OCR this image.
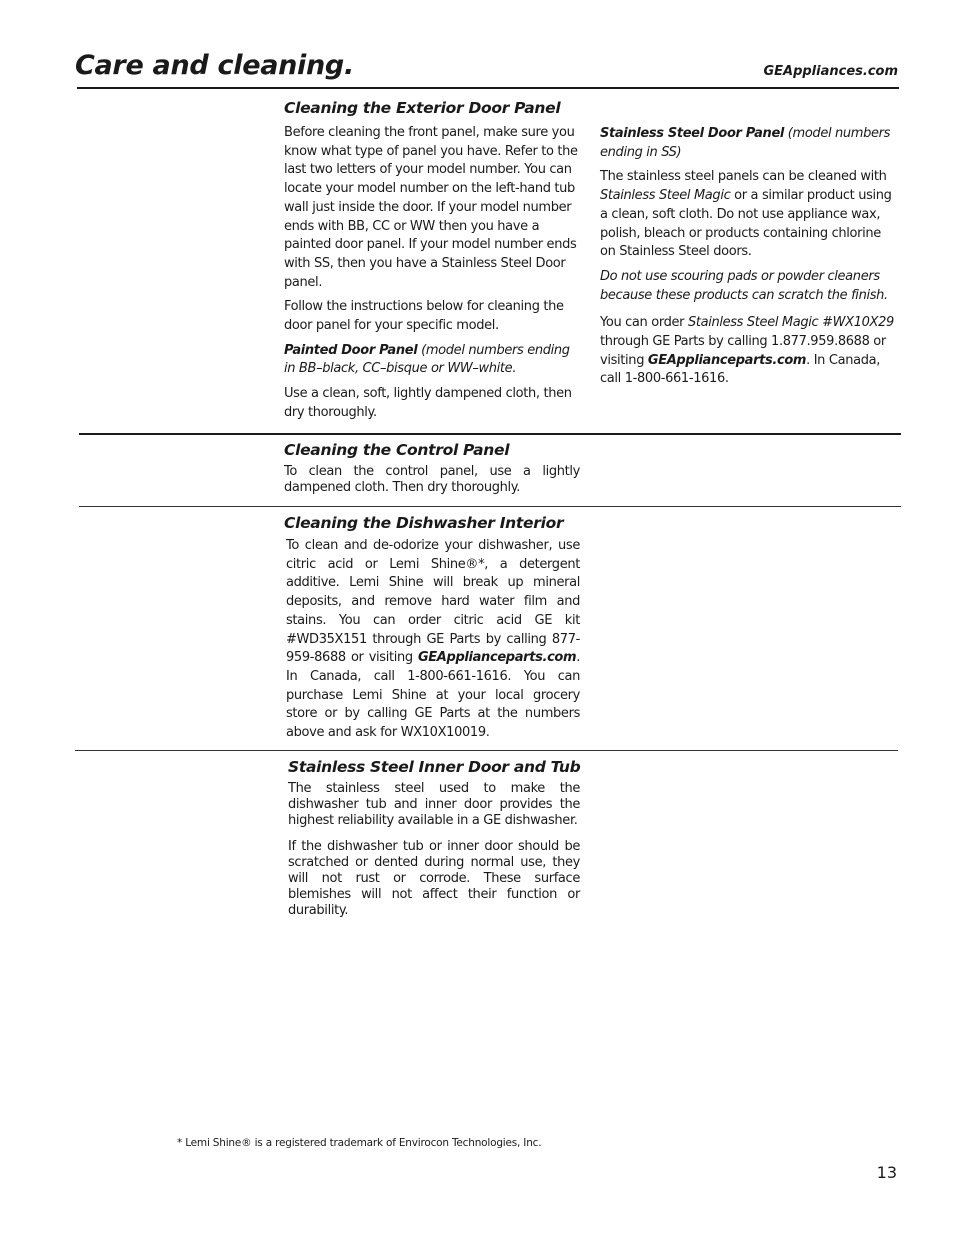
Care and cleaning.	GEAppliances.com
Cleaning the Exterior Door Panel

Before cleaning the front panel, make sure you know what type of panel you have. Refer to the last two letters of your model number. You can locate your model number on the left-hand tub wall just inside the door. If your model number ends with BB, CC or WW then you have a painted door panel. If your model number ends with SS, then you have a Stainless Steel Door panel.

Follow the instructions below for cleaning the door panel for your specific model.

Painted Door Panel (model numbers ending in BB–black, CC–bisque or WW–white.

Use a clean, soft, lightly dampened cloth, then dry thoroughly.

Stainless Steel Door Panel (model numbers ending in SS)

The stainless steel panels can be cleaned with Stainless Steel Magic or a similar product using a clean, soft cloth. Do not use appliance wax, polish, bleach or products containing chlorine on Stainless Steel doors.

Do not use scouring pads or powder cleaners because these products can scratch the finish.

You can order Stainless Steel Magic #WX10X29 through GE Parts by calling 1.877.959.8688 or visiting GEApplianceparts.com. In Canada, call 1-800-661-1616.

Cleaning the Control Panel
To clean the control panel, use a lightly dampened cloth. Then dry thoroughly.
Cleaning the Dishwasher Interior
To clean and de-odorize your dishwasher, use citric acid or Lemi Shine®*, a detergent additive. Lemi Shine will break up mineral deposits, and remove hard water film and stains. You can order citric acid GE kit #WD35X151 through GE Parts by calling 877-959-8688 or visiting GEApplianceparts.com. In Canada, call 1-800-661-1616. You can purchase Lemi Shine at your local grocery store or by calling GE Parts at the numbers above and ask for WX10X10019.
Stainless Steel Inner Door and Tub

The stainless steel used to make the dishwasher tub and inner door provides the highest reliability available in a GE dishwasher.

If the dishwasher tub or inner door should be scratched or dented during normal use, they will not rust or corrode. These surface blemishes will not affect their function or durability.

* Lemi Shine® is a registered trademark of Envirocon Technologies, Inc.
13
